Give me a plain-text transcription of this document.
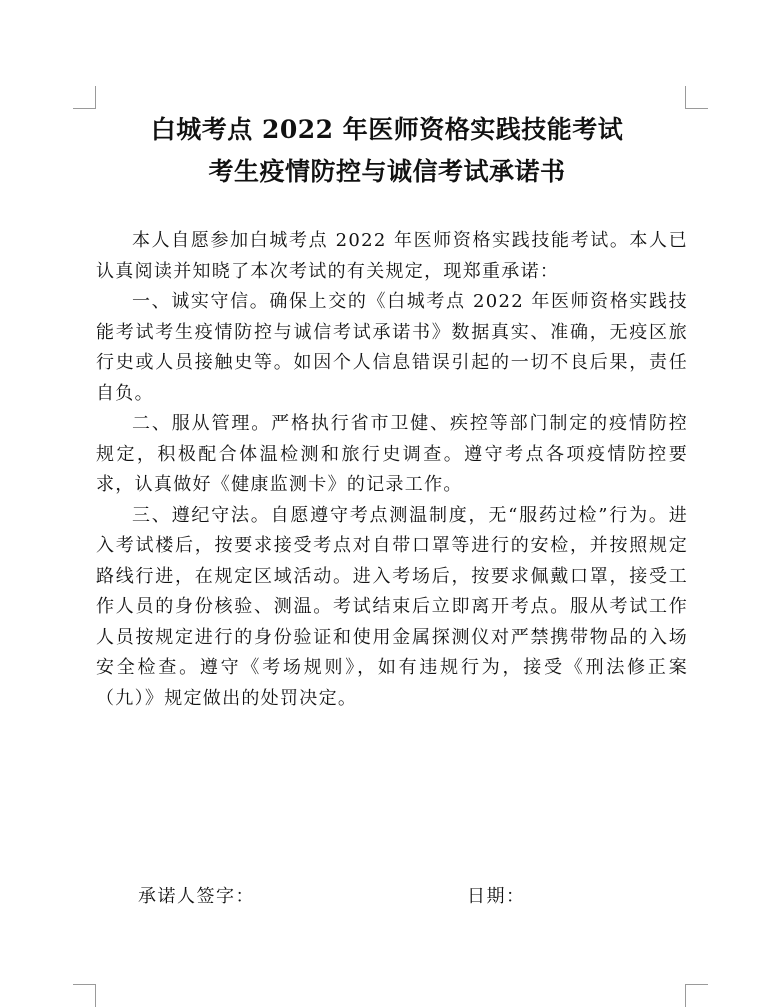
白城考点 2022 年医师资格实践技能考试
考生疫情防控与诚信考试承诺书

本人自愿参加白城考点 2022 年医师资格实践技能考试。本人已认真阅读并知晓了本次考试的有关规定，现郑重承诺：

一、诚实守信。确保上交的《白城考点 2022 年医师资格实践技能考试考生疫情防控与诚信考试承诺书》数据真实、准确，无疫区旅行史或人员接触史等。如因个人信息错误引起的一切不良后果，责任自负。

二、服从管理。严格执行省市卫健、疾控等部门制定的疫情防控规定，积极配合体温检测和旅行史调查。遵守考点各项疫情防控要求，认真做好《健康监测卡》的记录工作。

三、遵纪守法。自愿遵守考点测温制度，无“服药过检”行为。进入考试楼后，按要求接受考点对自带口罩等进行的安检，并按照规定路线行进，在规定区域活动。进入考场后，按要求佩戴口罩，接受工作人员的身份核验、测温。考试结束后立即离开考点。服从考试工作人员按规定进行的身份验证和使用金属探测仪对严禁携带物品的入场安全检查。遵守《考场规则》，如有违规行为，接受《刑法修正案（九）》规定做出的处罚决定。

承诺人签字：	日期：
